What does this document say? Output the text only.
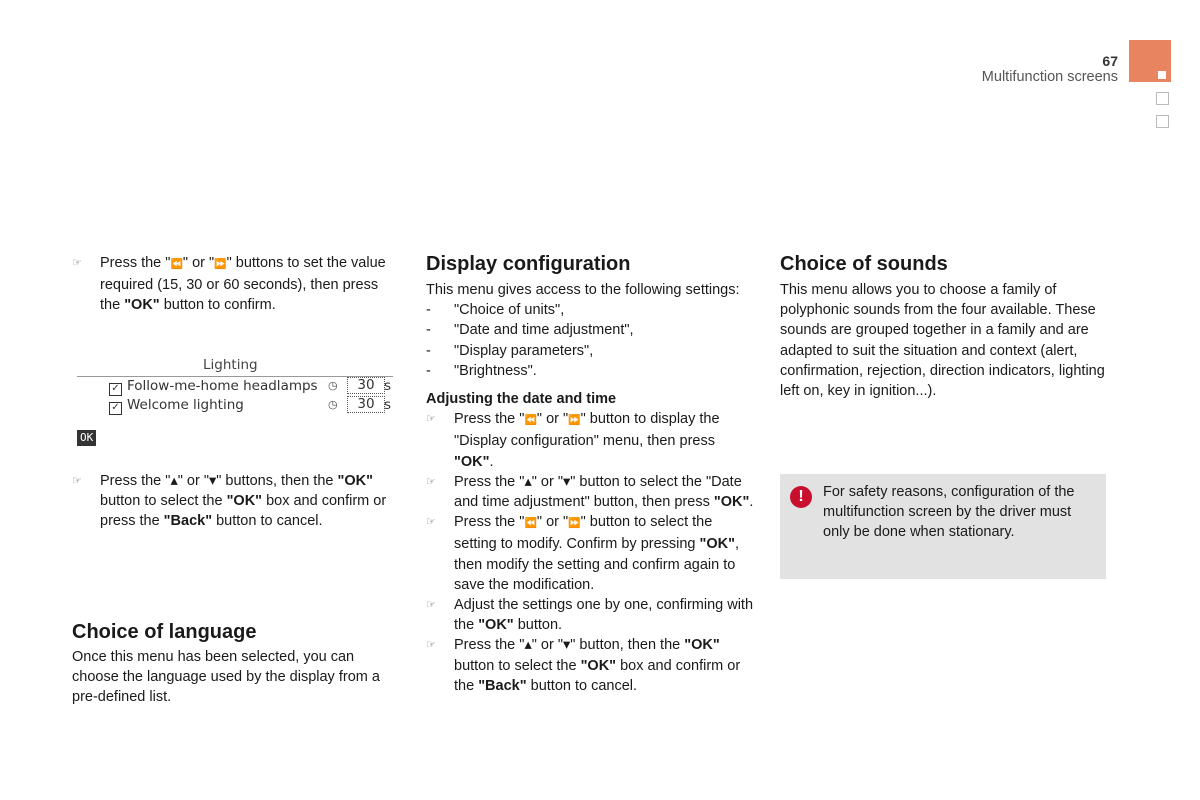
67
Multifunction screens

☞ Press the "⏪" or "⏩" buttons to set the value required (15, 30 or 60 seconds), then press the "OK" button to confirm.

Lighting
✓ Follow-me-home headlamps ◷	30 s
✓ Welcome lighting	◷	30 s
OK

☞ Press the "▴" or "▾" buttons, then the "OK" button to select the "OK" box and confirm or press the "Back" button to cancel.

Choice of language

Once this menu has been selected, you can choose the language used by the display from a pre-defined list.

Display configuration

This menu gives access to the following settings:

- "Choice of units",

- "Date and time adjustment",

- "Display parameters",

- "Brightness".

Adjusting the date and time

☞ Press the "⏪" or "⏩" button to display the "Display configuration" menu, then press "OK".

☞ Press the "▴" or "▾" button to select the "Date and time adjustment" button, then press "OK".

☞ Press the "⏪" or "⏩" button to select the setting to modify. Confirm by pressing "OK", then modify the setting and confirm again to save the modification.

☞ Adjust the settings one by one, confirming with the "OK" button.

☞ Press the "▴" or "▾" button, then the "OK" button to select the "OK" box and confirm or the "Back" button to cancel.

Choice of sounds

This menu allows you to choose a family of polyphonic sounds from the four available. These sounds are grouped together in a family and are adapted to suit the situation and context (alert, confirmation, rejection, direction indicators, lighting left on, key in ignition...).

!	For safety reasons, configuration of the multifunction screen by the driver must only be done when stationary.
